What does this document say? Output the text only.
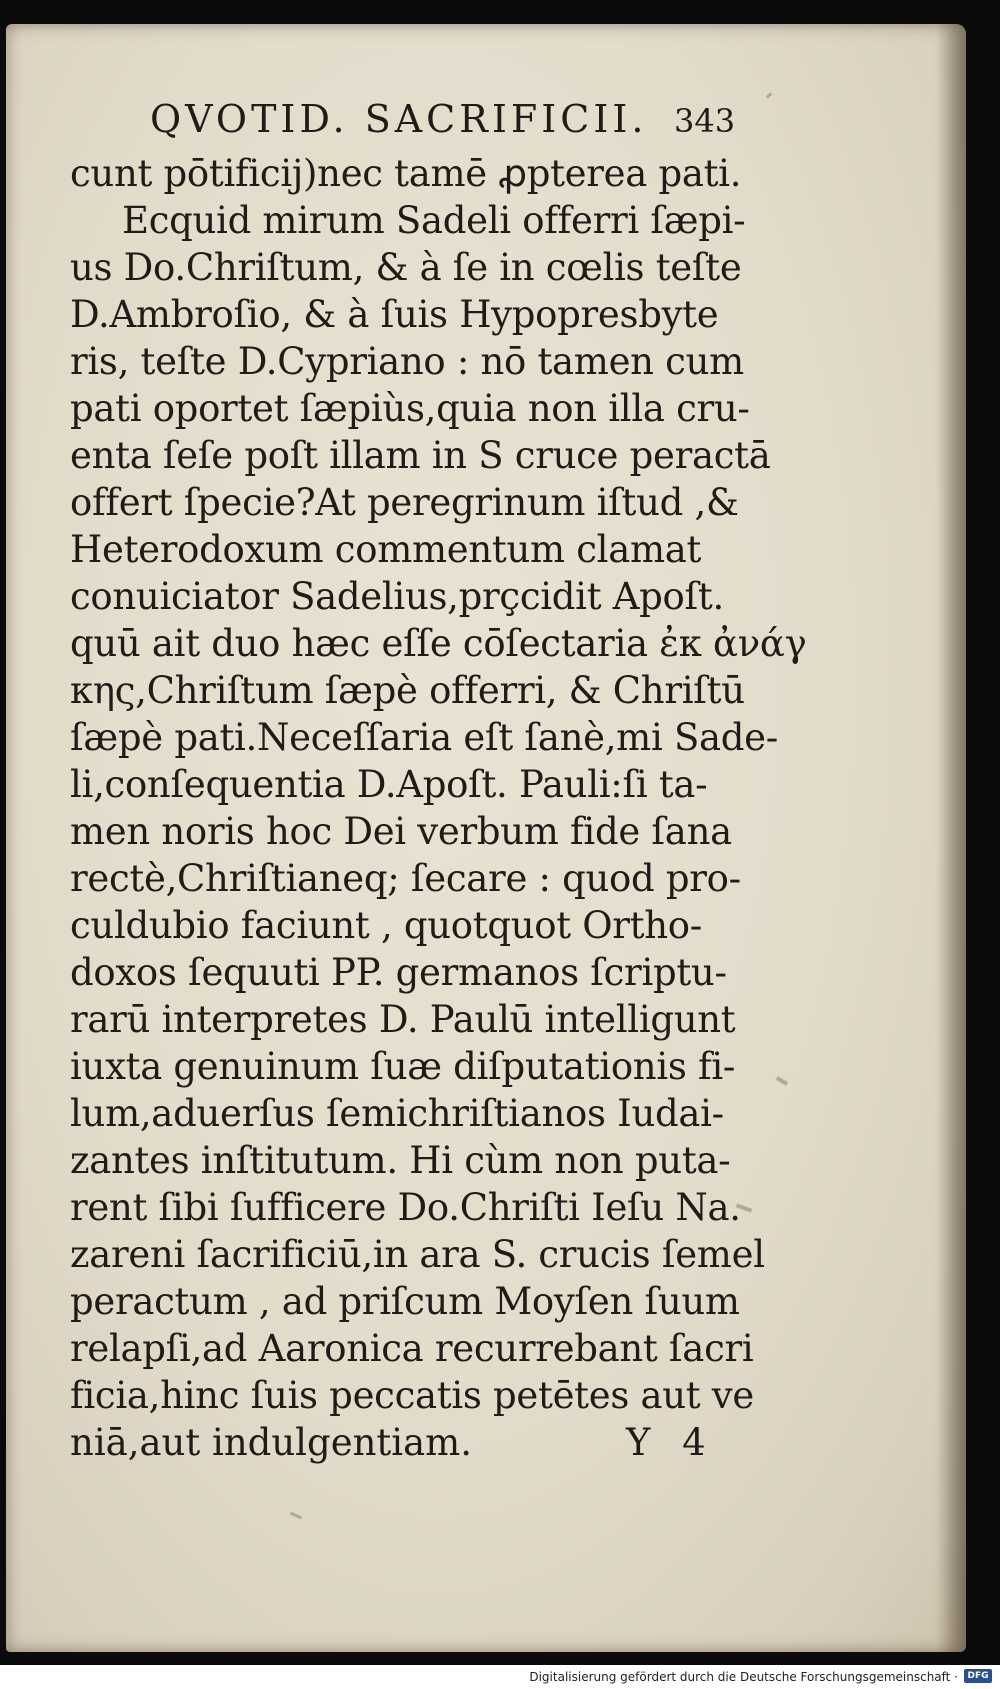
QVOTID. SACRIFICII. 343
cunt pōtificij)nec tamē ꝓpterea pati.
Ecquid mirum Sadeli offerri ſæpi-
us Do.Chriſtum, & à ſe in cœlis teſte
D.Ambroſio, & à ſuis Hypopresbyte
ris, teſte D.Cypriano : nō tamen cum
pati oportet ſæpiùs,quia non illa cru-
enta ſeſe poſt illam in S cruce peractā
offert ſpecie?At peregrinum iſtud ,&
Heterodoxum commentum clamat
conuiciator Sadelius,prçcidit Apoſt.
quū ait duo hæc eſſe cōſectaria ἐκ ἀνάγ
κης,Chriſtum ſæpè offerri, & Chriſtū
ſæpè pati.Neceſſaria eſt ſanè,mi Sade-
li,conſequentia D.Apoſt. Pauli:ſi ta-
men noris hoc Dei verbum fide ſana
rectè,Chriſtianeq; ſecare : quod pro-
culdubio faciunt , quotquot Ortho-
doxos ſequuti PP. germanos ſcriptu-
rarū interpretes D. Paulū intelligunt
iuxta genuinum ſuæ diſputationis fi-
lum,aduerſus ſemichriſtianos Iudai-
zantes inſtitutum. Hi cùm non puta-
rent ſibi ſufficere Do.Chriſti Ieſu Na.
zareni ſacrificiū,in ara S. crucis ſemel
peractum , ad priſcum Moyſen ſuum
relapſi,ad Aaronica recurrebant ſacri
ficia,hinc ſuis peccatis petētes aut ve
niā,aut indulgentiam.	Y 4
Digitalisierung gefördert durch die Deutsche Forschungsgemeinschaft ·	DFG
